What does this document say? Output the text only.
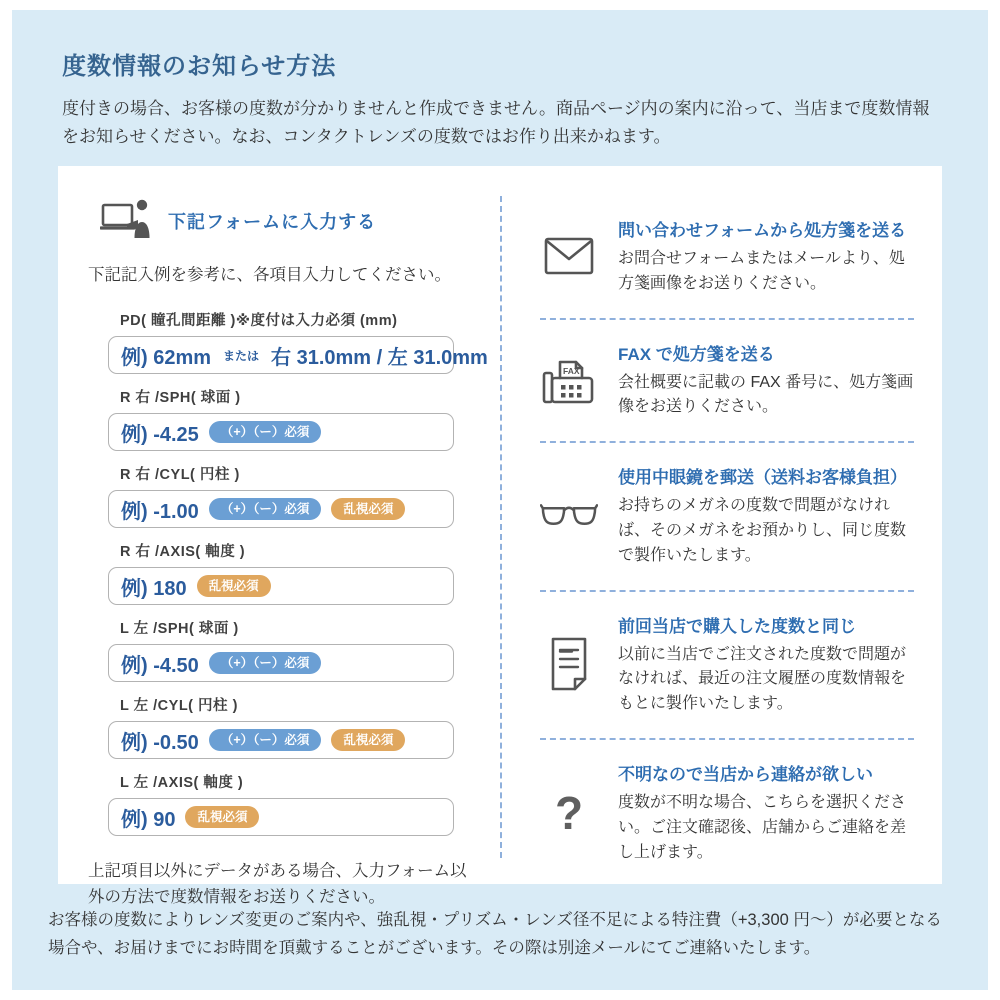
度数情報のお知らせ方法
度付きの場合、お客様の度数が分かりませんと作成できません。商品ページ内の案内に沿って、当店まで度数情報をお知らせください。なお、コンタクトレンズの度数ではお作り出来かねます。
下記フォームに入力する
下記記入例を参考に、各項目入力してください。
PD( 瞳孔間距離 )※度付は入力必須 (mm)
例) 62mm または 右 31.0mm / 左 31.0mm
R 右 /SPH( 球面 )
例) -4.25	（+）（ー）必須
R 右 /CYL( 円柱 )
例) -1.00	（+）（ー）必須	乱視必須
R 右 /AXIS( 軸度 )
例) 180	乱視必須
L 左 /SPH( 球面 )
例) -4.50	（+）（ー）必須
L 左 /CYL( 円柱 )
例) -0.50	（+）（ー）必須	乱視必須
L 左 /AXIS( 軸度 )
例) 90	乱視必須
上記項目以外にデータがある場合、入力フォーム以外の方法で度数情報をお送りください。
問い合わせフォームから処方箋を送る
お問合せフォームまたはメールより、処方箋画像をお送りください。
FAX
FAX で処方箋を送る
会社概要に記載の FAX 番号に、処方箋画像をお送りください。
使用中眼鏡を郵送（送料お客様負担）
お持ちのメガネの度数で問題がなければ、そのメガネをお預かりし、同じ度数で製作いたします。
前回当店で購入した度数と同じ
以前に当店でご注文された度数で問題がなければ、最近の注文履歴の度数情報をもとに製作いたします。
?
不明なので当店から連絡が欲しい
度数が不明な場合、こちらを選択ください。ご注文確認後、店舗からご連絡を差し上げます。
お客様の度数によりレンズ変更のご案内や、強乱視・プリズム・レンズ径不足による特注費（+3,300 円〜）が必要となる場合や、お届けまでにお時間を頂戴することがございます。その際は別途メールにてご連絡いたします。
